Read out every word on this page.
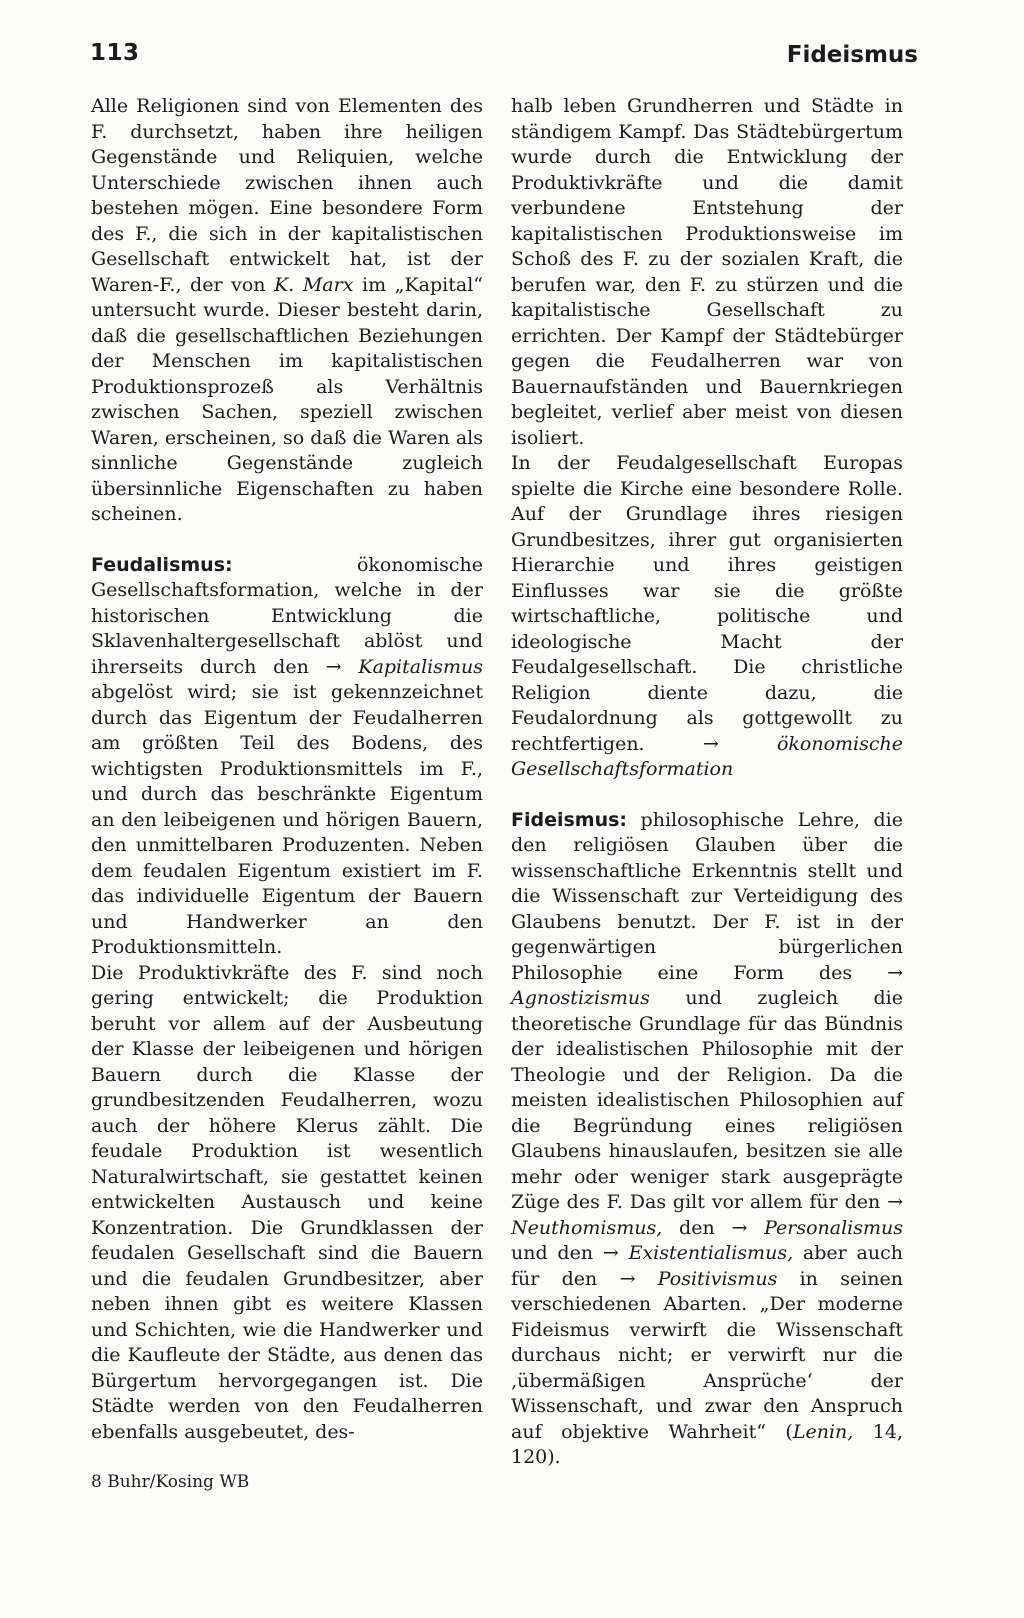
113	Fideismus

Alle Religionen sind von Elementen des F. durchsetzt, haben ihre heiligen Gegenstände und Reliquien, welche Unterschiede zwischen ihnen auch bestehen mögen. Eine besondere Form des F., die sich in der kapitalistischen Gesellschaft entwickelt hat, ist der Waren-F., der von K. Marx im „Kapital“ untersucht wurde. Dieser besteht darin, daß die gesellschaftlichen Beziehungen der Menschen im kapitalistischen Produktionsprozeß als Verhältnis zwischen Sachen, speziell zwischen Waren, erscheinen, so daß die Waren als sinnliche Gegenstände zugleich übersinnliche Eigenschaften zu haben scheinen.

Feudalismus:	ökonomische Gesellschaftsformation, welche in der historischen Entwicklung die Sklavenhaltergesellschaft ablöst und ihrerseits durch den → Kapitalismus abgelöst wird; sie ist gekennzeichnet durch das Eigentum der Feudalherren am größten Teil des Bodens, des wichtigsten Produktionsmittels im F., und durch das beschränkte Eigentum an den leibeigenen und hörigen Bauern, den unmittelbaren Produzenten. Neben dem feudalen Eigentum existiert im F. das individuelle Eigentum der Bauern und Handwerker an den Produktionsmitteln.

Die Produktivkräfte des F. sind noch gering entwickelt; die Produktion beruht vor allem auf der Ausbeutung der Klasse der leibeigenen und hörigen Bauern durch die Klasse der grundbesitzenden Feudalherren, wozu auch der höhere Klerus zählt. Die feudale Produktion ist wesentlich Naturalwirtschaft, sie gestattet keinen entwickelten Austausch und keine Konzentration. Die Grundklassen der feudalen Gesellschaft sind die Bauern und die feudalen Grundbesitzer, aber neben ihnen gibt es weitere Klassen und Schichten, wie die Handwerker und die Kaufleute der Städte, aus denen das Bürgertum hervorgegangen ist. Die Städte werden von den Feudalherren ebenfalls ausgebeutet, des-

halb leben Grundherren und Städte in ständigem Kampf. Das Städtebürgertum wurde durch die Entwicklung der Produktivkräfte und die damit verbundene Entstehung der kapitalistischen Produktionsweise im Schoß des F. zu der sozialen Kraft, die berufen war, den F. zu stürzen und die kapitalistische Gesellschaft zu errichten. Der Kampf der Städtebürger gegen die Feudalherren war von Bauernaufständen und Bauernkriegen begleitet, verlief aber meist von diesen isoliert.

In der Feudalgesellschaft Europas spielte die Kirche eine besondere Rolle. Auf der Grundlage ihres riesigen Grundbesitzes, ihrer gut organisierten Hierarchie und ihres geistigen Einflusses war sie die größte wirtschaftliche, politische und ideologische Macht der Feudalgesellschaft. Die christliche Religion diente dazu, die Feudalordnung als gottgewollt zu rechtfertigen.	→ ökonomische Gesellschaftsformation

Fideismus: philosophische Lehre, die den religiösen Glauben über die wissenschaftliche Erkenntnis stellt und die Wissenschaft zur Verteidigung des Glaubens benutzt. Der F. ist in der gegenwärtigen bürgerlichen Philosophie eine Form des → Agnostizismus und zugleich die theoretische Grundlage für das Bündnis der idealistischen Philosophie mit der Theologie und der Religion. Da die meisten idealistischen Philosophien auf die Begründung eines religiösen Glaubens hinauslaufen, besitzen sie alle mehr oder weniger stark ausgeprägte Züge des F. Das gilt vor allem für den → Neuthomismus, den → Personalismus und den → Existentialismus, aber auch für den → Positivismus in seinen verschiedenen Abarten. „Der moderne Fideismus verwirft die Wissenschaft durchaus nicht; er verwirft nur die ‚übermäßigen Ansprüche‘ der Wissenschaft, und zwar den Anspruch auf objektive Wahrheit“ (Lenin, 14, 120).

8 Buhr/Kosing WB
